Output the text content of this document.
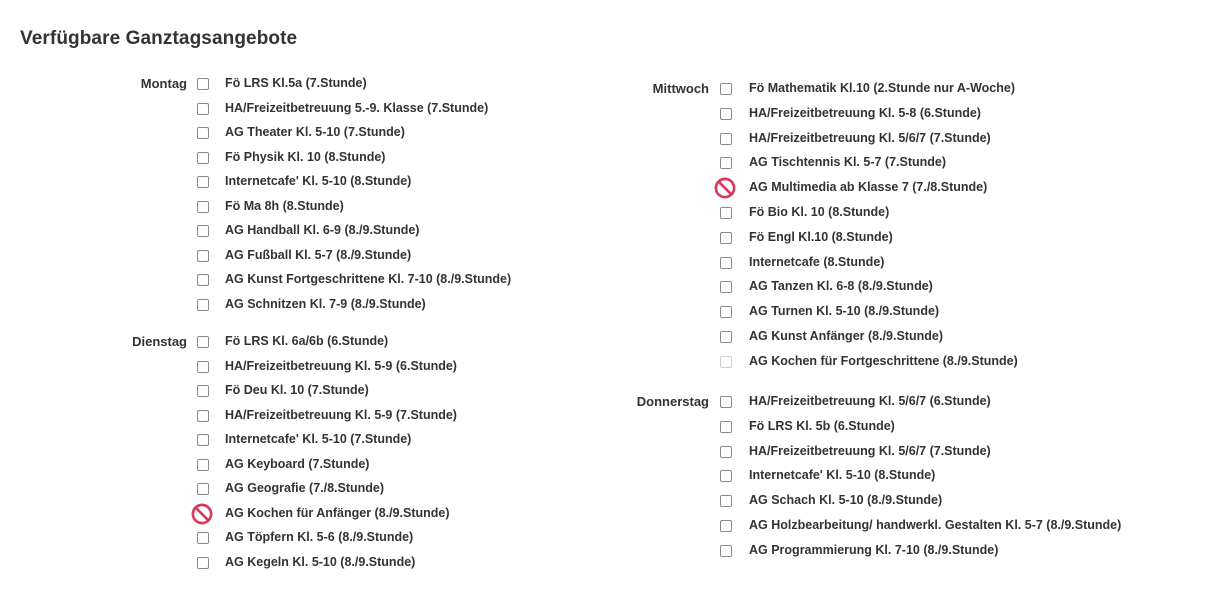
Verfügbare Ganztagsangebote
Montag	Fö LRS Kl.5a (7.Stunde)
HA/Freizeitbetreuung 5.-9. Klasse (7.Stunde)
AG Theater Kl. 5-10 (7.Stunde)
Fö Physik Kl. 10 (8.Stunde)
Internetcafe' Kl. 5-10 (8.Stunde)
Fö Ma 8h (8.Stunde)
AG Handball Kl. 6-9 (8./9.Stunde)
AG Fußball Kl. 5-7 (8./9.Stunde)
AG Kunst Fortgeschrittene Kl. 7-10 (8./9.Stunde)
AG Schnitzen Kl. 7-9 (8./9.Stunde)
Dienstag	Fö LRS Kl. 6a/6b (6.Stunde)
HA/Freizeitbetreuung Kl. 5-9 (6.Stunde)
Fö Deu Kl. 10 (7.Stunde)
HA/Freizeitbetreuung Kl. 5-9 (7.Stunde)
Internetcafe' Kl. 5-10 (7.Stunde)
AG Keyboard (7.Stunde)
AG Geografie (7./8.Stunde)
AG Kochen für Anfänger (8./9.Stunde)
AG Töpfern Kl. 5-6 (8./9.Stunde)
AG Kegeln Kl. 5-10 (8./9.Stunde)
Mittwoch	Fö Mathematik Kl.10 (2.Stunde nur A-Woche)
HA/Freizeitbetreuung Kl. 5-8 (6.Stunde)
HA/Freizeitbetreuung Kl. 5/6/7 (7.Stunde)
AG Tischtennis Kl. 5-7 (7.Stunde)
AG Multimedia ab Klasse 7 (7./8.Stunde)
Fö Bio Kl. 10 (8.Stunde)
Fö Engl Kl.10 (8.Stunde)
Internetcafe (8.Stunde)
AG Tanzen Kl. 6-8 (8./9.Stunde)
AG Turnen Kl. 5-10 (8./9.Stunde)
AG Kunst Anfänger (8./9.Stunde)
AG Kochen für Fortgeschrittene (8./9.Stunde)
Donnerstag	HA/Freizeitbetreuung Kl. 5/6/7 (6.Stunde)
Fö LRS Kl. 5b (6.Stunde)
HA/Freizeitbetreuung Kl. 5/6/7 (7.Stunde)
Internetcafe' Kl. 5-10 (8.Stunde)
AG Schach Kl. 5-10 (8./9.Stunde)
AG Holzbearbeitung/ handwerkl. Gestalten Kl. 5-7 (8./9.Stunde)
AG Programmierung Kl. 7-10 (8./9.Stunde)
